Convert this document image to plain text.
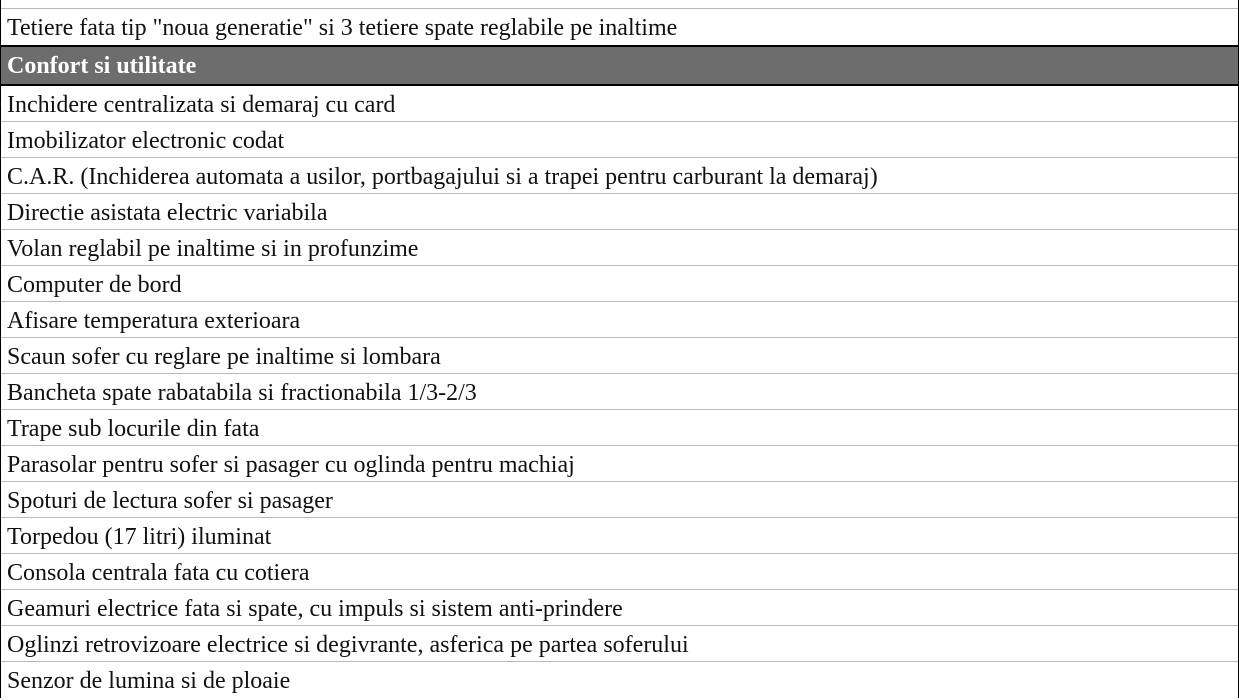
Tetiere fata tip "noua generatie" si 3 tetiere spate reglabile pe inaltime
Confort si utilitate
Inchidere centralizata si demaraj cu card
Imobilizator electronic codat
C.A.R. (Inchiderea automata a usilor, portbagajului si a trapei pentru carburant la demaraj)
Directie asistata electric variabila
Volan reglabil pe inaltime si in profunzime
Computer de bord
Afisare temperatura exterioara
Scaun sofer cu reglare pe inaltime si lombara
Bancheta spate rabatabila si fractionabila 1/3-2/3
Trape sub locurile din fata
Parasolar pentru sofer si pasager cu oglinda pentru machiaj
Spoturi de lectura sofer si pasager
Torpedou (17 litri) iluminat
Consola centrala fata cu cotiera
Geamuri electrice fata si spate, cu impuls si sistem anti-prindere
Oglinzi retrovizoare electrice si degivrante, asferica pe partea soferului
Senzor de lumina si de ploaie
